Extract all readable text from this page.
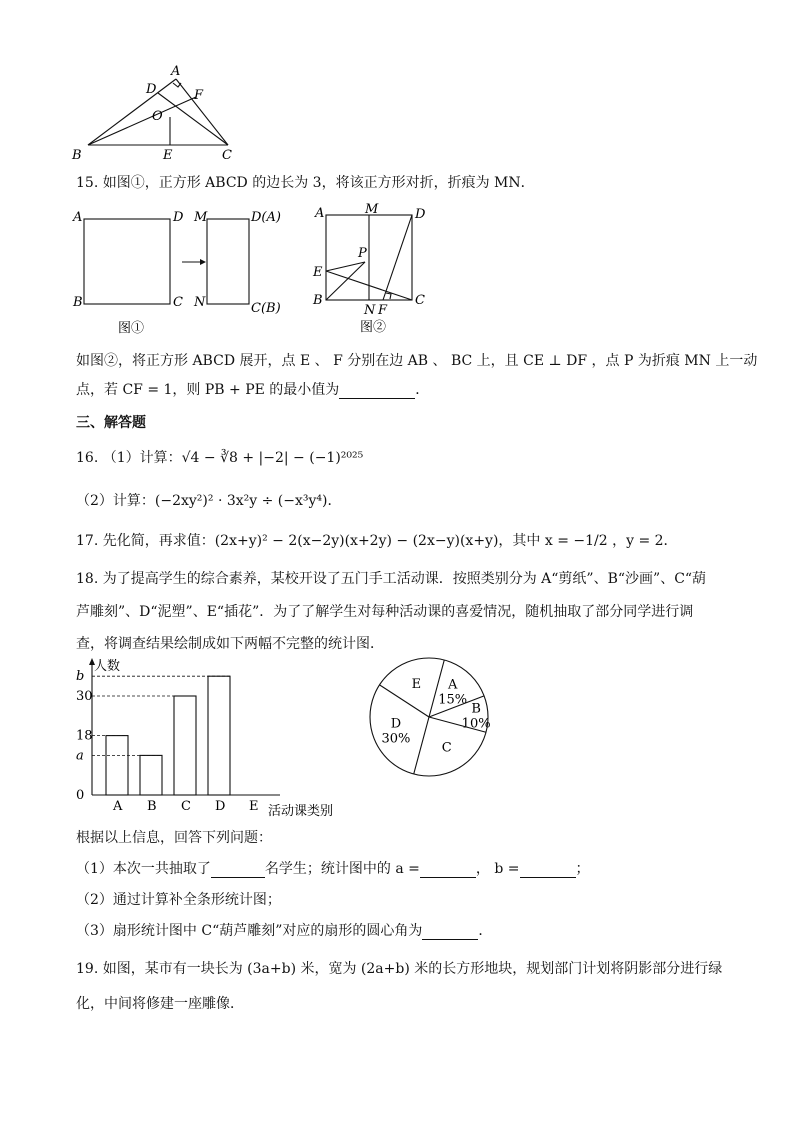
A
D	F
O
B	E	C
15. 如图①，正方形 ABCD 的边长为 3，将该正方形对折，折痕为 MN．
A	D
B	C
M	D(A)
N	C(B)
图①
A	M	D
P
E
B	C
N F
图②
如图②，将正方形 ABCD 展开，点 E 、 F 分别在边 AB 、 BC 上，且 CE ⊥ DF ，点 P 为折痕 MN 上一动
点，若 CF = 1，则 PB + PE 的最小值为	．
三、解答题
16. （1）计算：√4 − ∛8 + |−2| − (−1)²⁰²⁵
（2）计算：(−2xy²)² · 3x²y ÷ (−x³y⁴)．
17. 先化简，再求值：(2x+y)² − 2(x−2y)(x+2y) − (2x−y)(x+y)，其中 x = −1/2 ，y = 2．
18. 为了提高学生的综合素养，某校开设了五门手工活动课．按照类别分为 A“剪纸”、B“沙画”、C“葫
芦雕刻”、D“泥塑”、E“插花”．为了了解学生对每种活动课的喜爱情况，随机抽取了部分同学进行调
查，将调查结果绘制成如下两幅不完整的统计图．
A B C D E
0
a
18
30
b
人数
活动课类别
A
15%
B
10%
C
D
30%
E
根据以上信息，回答下列问题：
（1）本次一共抽取了	名学生；统计图中的 a =	， b =	；
（2）通过计算补全条形统计图；
（3）扇形统计图中 C“葫芦雕刻”对应的扇形的圆心角为	．
19. 如图，某市有一块长为 (3a+b) 米，宽为 (2a+b) 米的长方形地块，规划部门计划将阴影部分进行绿
化，中间将修建一座雕像．
